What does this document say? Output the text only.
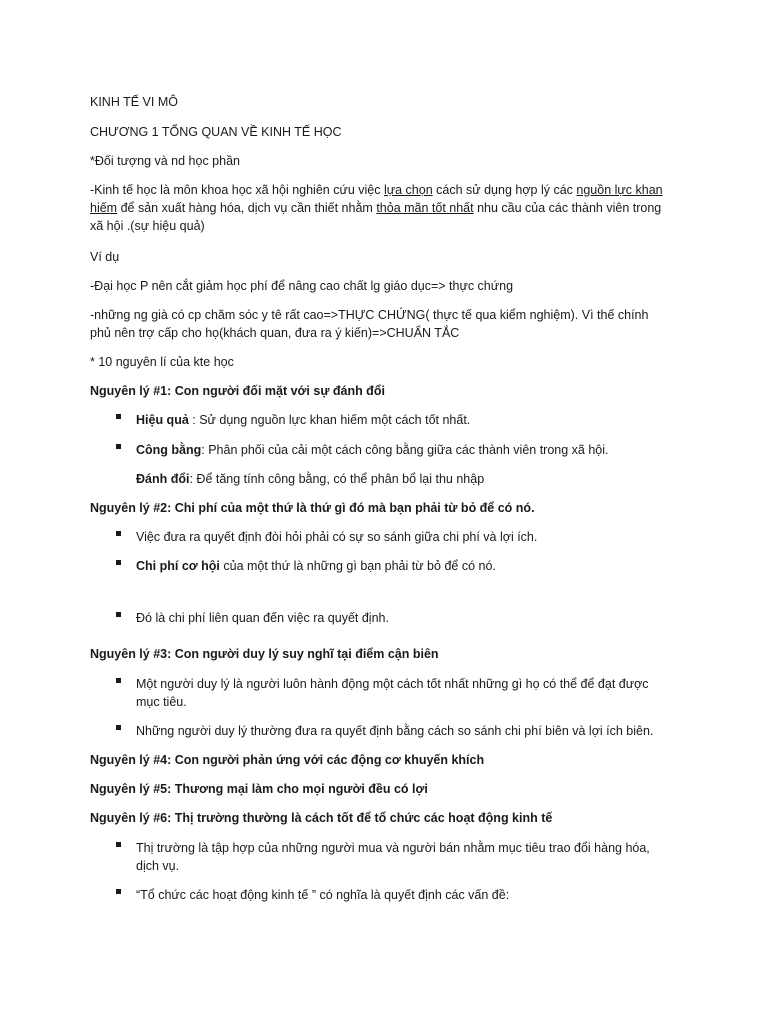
KINH TẾ VI MÔ
CHƯƠNG 1 TỔNG QUAN VỀ KINH TẾ HỌC
*Đối tượng và nd học phần
-Kinh tế học là môn khoa học xã hội nghiên cứu việc lựa chọn cách sử dụng hợp lý các nguồn lực khan hiếm để sản xuất hàng hóa, dịch vụ cần thiết nhằm thỏa mãn tốt nhất nhu cầu của các thành viên trong xã hội .(sự hiệu quả)
Ví dụ
-Đại học P nên cắt giảm học phí để nâng cao chất lg giáo dục=> thực chứng
-những ng già có cp chăm sóc y tê rất cao=>THỰC CHỨNG( thực tế qua kiểm nghiệm). Vì thế chính phủ nên trợ cấp cho họ(khách quan, đưa ra ý kiến)=>CHUẨN TẮC
* 10 nguyên lí của kte học
Nguyên lý #1: Con người đối mặt với sự đánh đổi
Hiệu quả : Sử dụng nguồn lực khan hiếm một cách tốt nhất.
Công bằng: Phân phối của cải một cách công bằng giữa các thành viên trong xã hội.
Đánh đổi: Để tăng tính công bằng, có thể phân bổ lại thu nhập
Nguyên lý #2: Chi phí của một thứ là thứ gì đó mà bạn phải từ bỏ để có nó.
Việc đưa ra quyết định đòi hỏi phải có sự so sánh giữa chi phí và lợi ích.
Chi phí cơ hội của một thứ là những gì bạn phải từ bỏ để có nó.
Đó là chi phí liên quan đến việc ra quyết định.
Nguyên lý #3: Con người duy lý suy nghĩ tại điểm cận biên
Một người duy lý là người luôn hành động một cách tốt nhất những gì họ có thể để đạt được mục tiêu.
Những người duy lý thường đưa ra quyết định bằng cách so sánh chi phí biên và lợi ích biên.
Nguyên lý #4: Con người phản ứng với các động cơ khuyến khích
Nguyên lý #5: Thương mại làm cho mọi người đều có lợi
Nguyên lý #6: Thị trường thường là cách tốt để tổ chức các hoạt động kinh tế
Thị trường là tập hợp của những người mua và người bán nhằm mục tiêu trao đổi hàng hóa, dịch vụ.
“Tổ chức các hoạt động kinh tế ” có nghĩa là quyết định các vấn đề:
